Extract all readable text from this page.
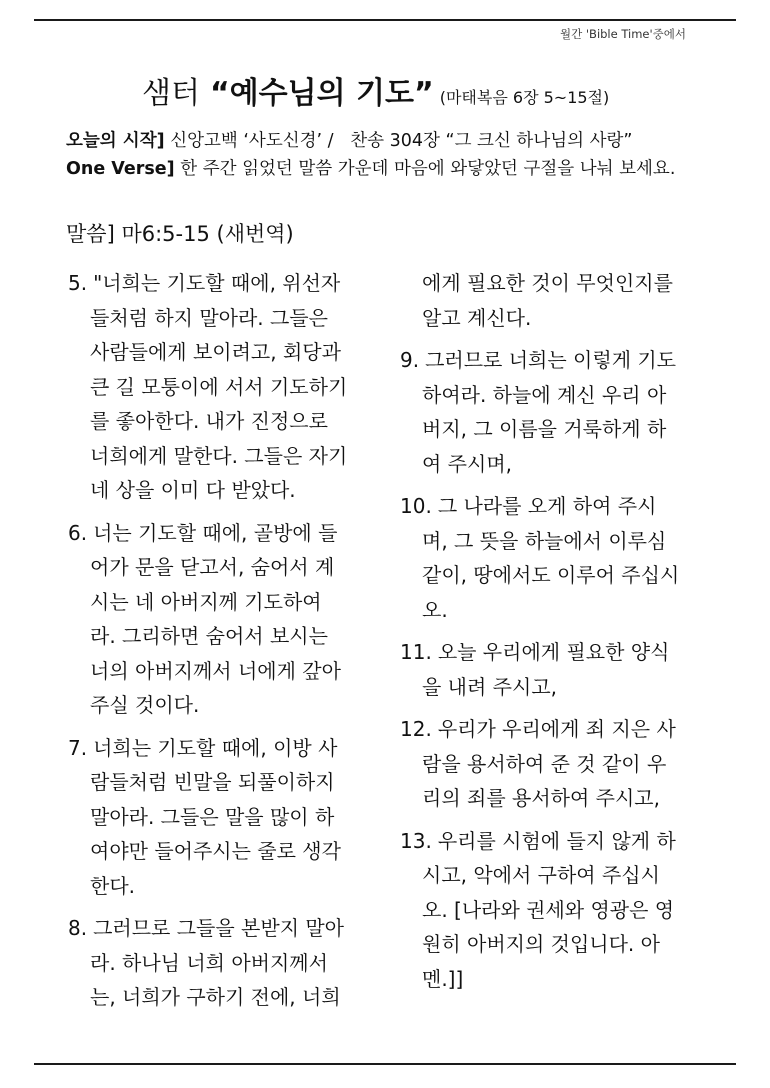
월간 'Bible Time'중에서
샘터 “예수님의 기도” (마태복음 6장 5~15절)
오늘의 시작] 신앙고백 ‘사도신경’ /   찬송 304장 “그 크신 하나님의 사랑”
One Verse] 한 주간 읽었던 말씀 가운데 마음에 와닿았던 구절을 나눠 보세요.
말씀] 마6:5-15 (새번역)
5. "너희는 기도할 때에, 위선자
들처럼 하지 말아라. 그들은
사람들에게 보이려고, 회당과
큰 길 모퉁이에 서서 기도하기
를 좋아한다. 내가 진정으로
너희에게 말한다. 그들은 자기
네 상을 이미 다 받았다.
6. 너는 기도할 때에, 골방에 들
어가 문을 닫고서, 숨어서 계
시는 네 아버지께 기도하여
라. 그리하면 숨어서 보시는
너의 아버지께서 너에게 갚아
주실 것이다.
7. 너희는 기도할 때에, 이방 사
람들처럼 빈말을 되풀이하지
말아라. 그들은 말을 많이 하
여야만 들어주시는 줄로 생각
한다.
8. 그러므로 그들을 본받지 말아
라. 하나님 너희 아버지께서
는, 너희가 구하기 전에, 너희
에게 필요한 것이 무엇인지를
알고 계신다.
9. 그러므로 너희는 이렇게 기도
하여라. 하늘에 계신 우리 아
버지, 그 이름을 거룩하게 하
여 주시며,
10. 그 나라를 오게 하여 주시
며, 그 뜻을 하늘에서 이루심
같이, 땅에서도 이루어 주십시
오.
11. 오늘 우리에게 필요한 양식
을 내려 주시고,
12. 우리가 우리에게 죄 지은 사
람을 용서하여 준 것 같이 우
리의 죄를 용서하여 주시고,
13. 우리를 시험에 들지 않게 하
시고, 악에서 구하여 주십시
오. [나라와 권세와 영광은 영
원히 아버지의 것입니다. 아
멘.]]
